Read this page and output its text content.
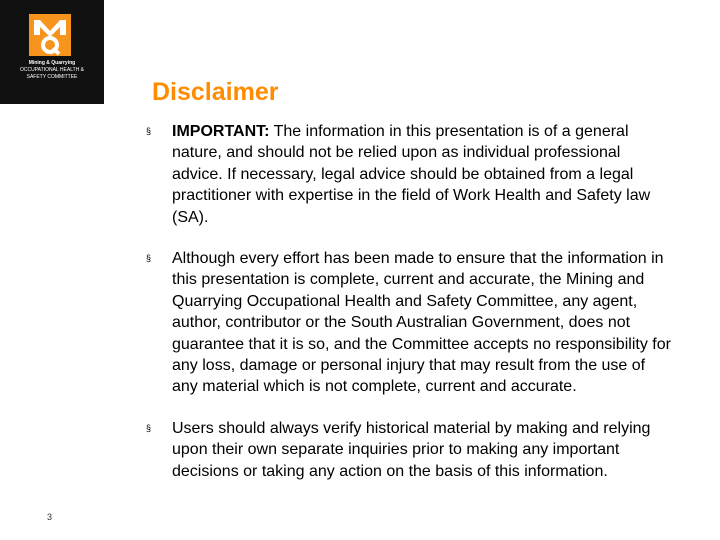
Mining & Quarrying
OCCUPATIONAL HEALTH &
SAFETY COMMITTEE
3
Disclaimer
§	IMPORTANT: The information in this presentation is of a general nature, and should not be relied upon as individual professional advice. If necessary, legal advice should be obtained from a legal practitioner with expertise in the field of Work Health and Safety law (SA).
§	Although every effort has been made to ensure that the information in this presentation is complete, current and accurate, the Mining and Quarrying Occupational Health and Safety Committee, any agent, author, contributor or the South Australian Government, does not guarantee that it is so, and the Committee accepts no responsibility for any loss, damage or personal injury that may result from the use of any material which is not complete, current and accurate.
§	Users should always verify historical material by making and relying upon their own separate inquiries prior to making any important decisions or taking any action on the basis of this information.
